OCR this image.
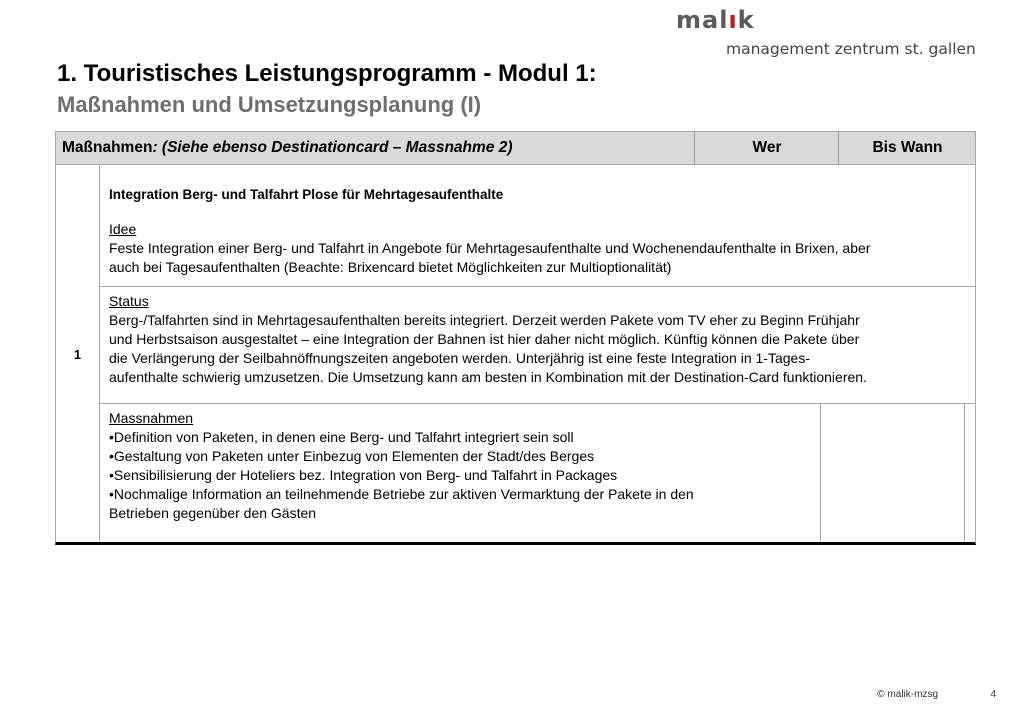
malık
management zentrum st. gallen
1. Touristisches Leistungsprogramm - Modul 1:
Maßnahmen und Umsetzungsplanung (I)
Maßnahmen: (Siehe ebenso Destinationcard – Massnahme 2)	Wer	Bis Wann
1
Integration Berg- und Talfahrt Plose für Mehrtagesaufenthalte
Idee
Feste Integration einer Berg- und Talfahrt in Angebote für Mehrtagesaufenthalte und Wochenendaufenthalte in Brixen, aber
auch bei Tagesaufenthalten (Beachte: Brixencard bietet Möglichkeiten zur Multioptionalität)
Status
Berg-/Talfahrten sind in Mehrtagesaufenthalten bereits integriert. Derzeit werden Pakete vom TV eher zu Beginn Frühjahr
und Herbstsaison ausgestaltet – eine Integration der Bahnen ist hier daher nicht möglich. Künftig können die Pakete über
die Verlängerung der Seilbahnöffnungszeiten angeboten werden. Unterjährig ist eine feste Integration in 1-Tages-
aufenthalte schwierig umzusetzen. Die Umsetzung kann am besten in Kombination mit der Destination-Card funktionieren.
Massnahmen
•Definition von Paketen, in denen eine Berg- und Talfahrt integriert sein soll
•Gestaltung von Paketen unter Einbezug von Elementen der Stadt/des Berges
•Sensibilisierung der Hoteliers bez. Integration von Berg- und Talfahrt in Packages
•Nochmalige Information an teilnehmende Betriebe zur aktiven Vermarktung der Pakete in den
Betrieben gegenüber den Gästen
© malik-mzsg	4
